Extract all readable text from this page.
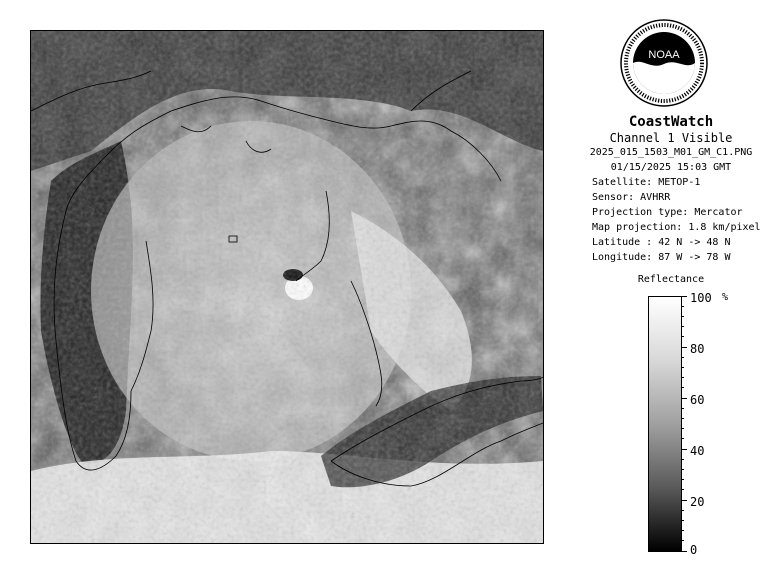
NOAA
CoastWatch
Channel 1 Visible
2025_015_1503_M01_GM_C1.PNG
01/15/2025 15:03 GMT
Satellite: METOP-1
Sensor: AVHRR
Projection type: Mercator
Map projection: 1.8 km/pixel
Latitude : 42 N -> 48 N
Longitude: 87 W -> 78 W
Reflectance
%
100
80
60
40
20
0
